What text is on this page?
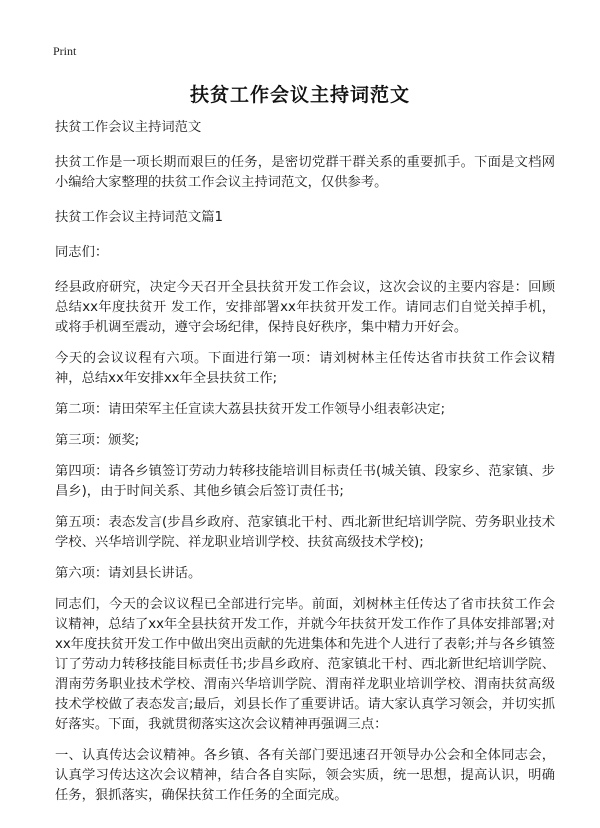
Print
扶贫工作会议主持词范文

扶贫工作会议主持词范文

扶贫工作是一项长期而艰巨的任务，是密切党群干群关系的重要抓手。下面是文档网小编给大家整理的扶贫工作会议主持词范文，仅供参考。

扶贫工作会议主持词范文篇1

同志们：

经县政府研究，决定今天召开全县扶贫开发工作会议，这次会议的主要内容是：回顾总结xx年度扶贫开 发工作，安排部署xx年扶贫开发工作。请同志们自觉关掉手机，或将手机调至震动，遵守会场纪律，保持良好秩序，集中精力开好会。

今天的会议议程有六项。下面进行第一项：请刘树林主任传达省市扶贫工作会议精神，总结xx年安排xx年全县扶贫工作;

第二项：请田荣军主任宣读大荔县扶贫开发工作领导小组表彰决定;

第三项：颁奖;

第四项：请各乡镇签订劳动力转移技能培训目标责任书(城关镇、段家乡、范家镇、步昌乡)，由于时间关系、其他乡镇会后签订责任书;

第五项：表态发言(步昌乡政府、范家镇北干村、西北新世纪培训学院、劳务职业技术学校、兴华培训学院、祥龙职业培训学校、扶贫高级技术学校);

第六项：请刘县长讲话。

同志们，今天的会议议程已全部进行完毕。前面，刘树林主任传达了省市扶贫工作会议精神，总结了xx年全县扶贫开发工作，并就今年扶贫开发工作作了具体安排部署;对xx年度扶贫开发工作中做出突出贡献的先进集体和先进个人进行了表彰;并与各乡镇签订了劳动力转移技能目标责任书;步昌乡政府、范家镇北干村、西北新世纪培训学院、渭南劳务职业技术学校、渭南兴华培训学院、渭南祥龙职业培训学校、渭南扶贫高级技术学校做了表态发言;最后，刘县长作了重要讲话。请大家认真学习领会，并切实抓好落实。下面，我就贯彻落实这次会议精神再强调三点：

一、认真传达会议精神。各乡镇、各有关部门要迅速召开领导办公会和全体同志会，认真学习传达这次会议精神，结合各自实际，领会实质，统一思想，提高认识，明确任务，狠抓落实，确保扶贫工作任务的全面完成。
